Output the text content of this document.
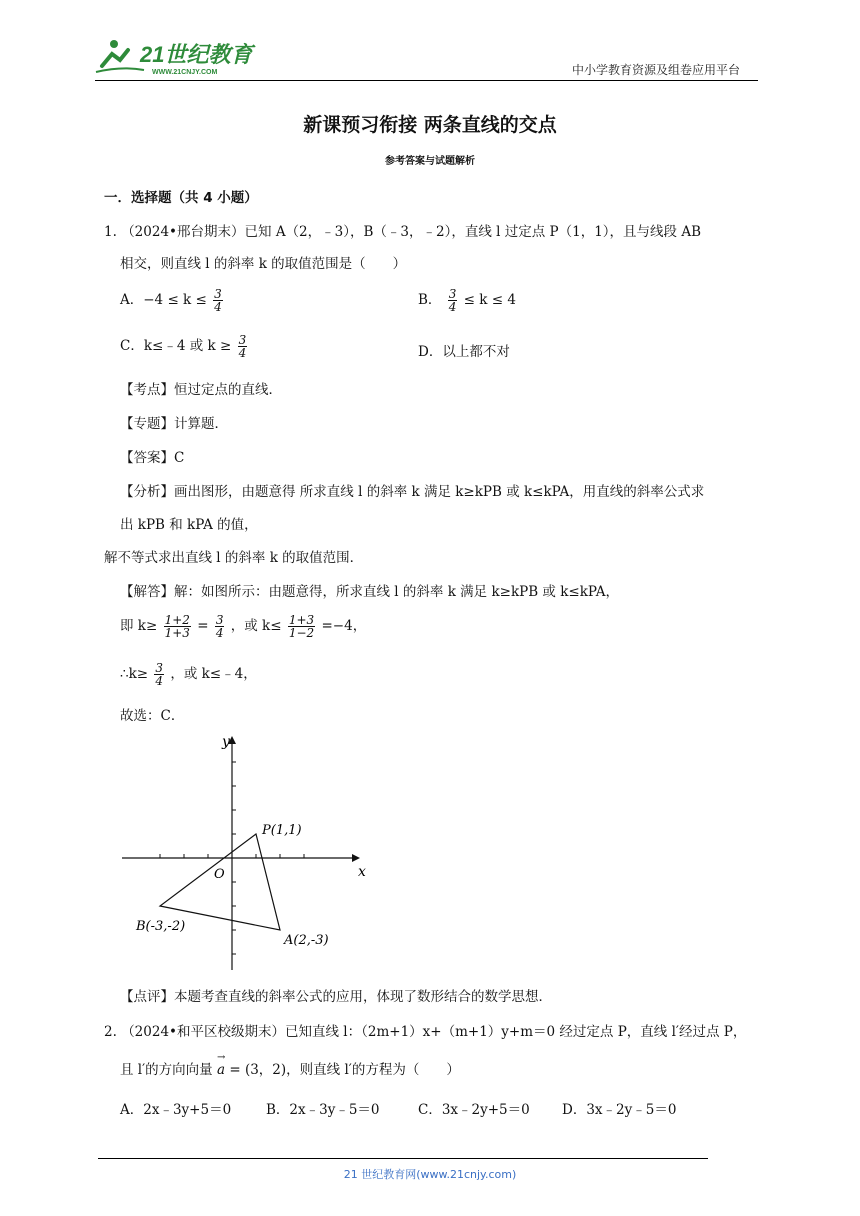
21世纪教育
WWW.21CNJY.COM	中小学教育资源及组卷应用平台
新课预习衔接 两条直线的交点
参考答案与试题解析
一．选择题（共 4 小题）
1. （2024•邢台期末）已知 A（2，﹣3），B（﹣3，﹣2），直线 l 过定点 P（1，1），且与线段 AB
相交，则直线 l 的斜率 k 的取值范围是（　　）
A．$-4 \le k \le \frac{3}{4}$	B． $\frac{3}{4} \le k \le 4$
C．k≤﹣4 或 $k \ge \frac{3}{4}$	D．以上都不对
【考点】恒过定点的直线．
【专题】计算题．
【答案】C
【分析】画出图形，由题意得 所求直线 l 的斜率 k 满足 k≥kPB 或 k≤kPA，用直线的斜率公式求
出 kPB 和 kPA 的值，
解不等式求出直线 l 的斜率 k 的取值范围．
【解答】解：如图所示：由题意得，所求直线 l 的斜率 k 满足 k≥kPB 或 k≤kPA，
即 $k\ge \frac{1+2}{1+3} = \frac{3}{4}$ ，或 $k\le \frac{1+3}{1-2} =-4$，
∴k≥ $\frac{3}{4}$ ，或 k≤﹣4，
故选：C．
x
y
O
P(1,1)
B(-3,-2)
A(2,-3)
【点评】本题考查直线的斜率公式的应用，体现了数形结合的数学思想．
2. （2024•和平区校级期末）已知直线 l：（2m+1）x+（m+1）y+m＝0 经过定点 P，直线 l′经过点 P，
且 l′的方向向量 a
→
= (3，2)，则直线 l′的方程为（　　）
A．2x﹣3y+5＝0	B．2x﹣3y﹣5＝0	C．3x﹣2y+5＝0 D．3x﹣2y﹣5＝0
21 世纪教育网(www.21cnjy.com)
